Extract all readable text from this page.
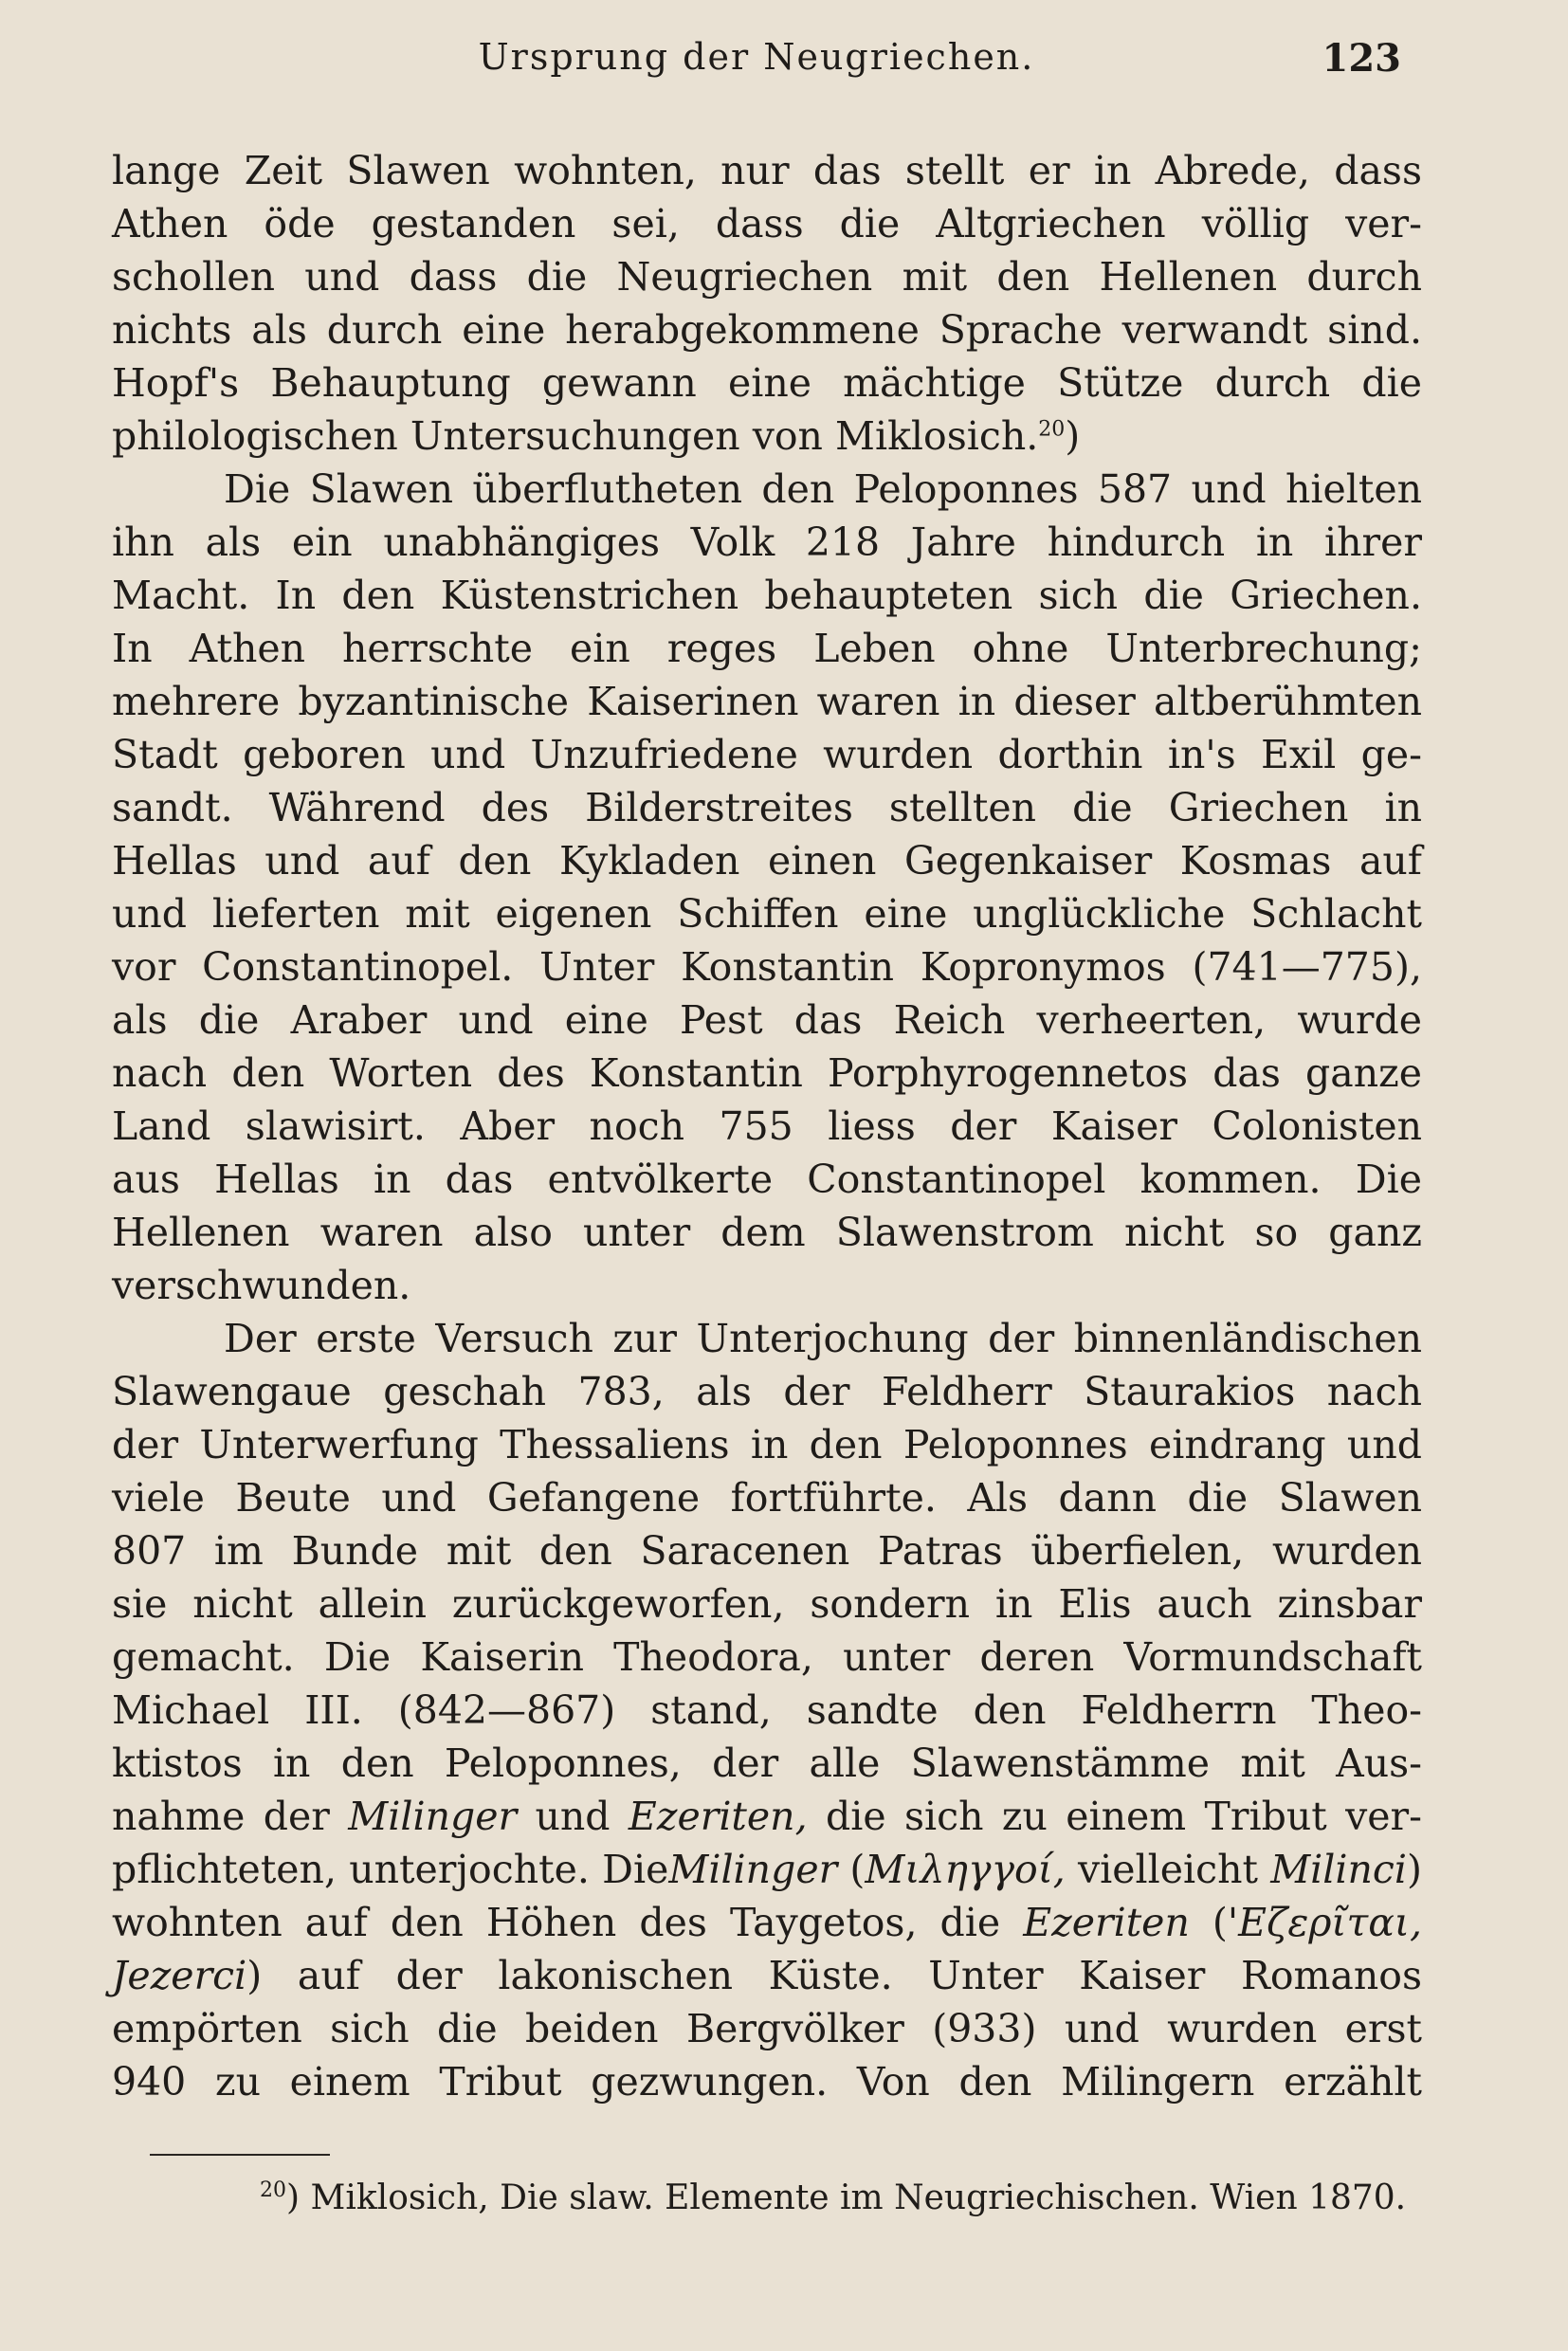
Ursprung der Neugriechen.	123
lange Zeit Slawen wohnten, nur das stellt er in Abrede, dass
Athen öde gestanden sei, dass die Altgriechen völlig ver-
schollen und dass die Neugriechen mit den Hellenen durch
nichts als durch eine herabgekommene Sprache verwandt sind.
Hopf's Behauptung gewann eine mächtige Stütze durch die
philologischen Untersuchungen von Miklosich.$^{20}$)
Die Slawen überflutheten den Peloponnes 587 und hielten
ihn als ein unabhängiges Volk 218 Jahre hindurch in ihrer
Macht. In den Küstenstrichen behaupteten sich die Griechen.
In Athen herrschte ein reges Leben ohne Unterbrechung;
mehrere byzantinische Kaiserinen waren in dieser altberühmten
Stadt geboren und Unzufriedene wurden dorthin in's Exil ge-
sandt. Während des Bilderstreites stellten die Griechen in
Hellas und auf den Kykladen einen Gegenkaiser Kosmas auf
und lieferten mit eigenen Schiffen eine unglückliche Schlacht
vor Constantinopel. Unter Konstantin Kopronymos (741—775),
als die Araber und eine Pest das Reich verheerten, wurde
nach den Worten des Konstantin Porphyrogennetos das ganze
Land slawisirt. Aber noch 755 liess der Kaiser Colonisten
aus Hellas in das entvölkerte Constantinopel kommen. Die
Hellenen waren also unter dem Slawenstrom nicht so ganz
verschwunden.
Der erste Versuch zur Unterjochung der binnenländischen
Slawengaue geschah 783, als der Feldherr Staurakios nach
der Unterwerfung Thessaliens in den Peloponnes eindrang und
viele Beute und Gefangene fortführte. Als dann die Slawen
807 im Bunde mit den Saracenen Patras überfielen, wurden
sie nicht allein zurückgeworfen, sondern in Elis auch zinsbar
gemacht. Die Kaiserin Theodora, unter deren Vormundschaft
Michael III. (842—867) stand, sandte den Feldherrn Theo-
ktistos in den Peloponnes, der alle Slawenstämme mit Aus-
nahme der Milinger und Ezeriten, die sich zu einem Tribut ver-
pflichteten, unterjochte. DieMilinger (Μιληγγοί, vielleicht Milinci)
wohnten auf den Höhen des Taygetos, die Ezeriten ('Εζερῖται,
Jezerci) auf der lakonischen Küste. Unter Kaiser Romanos
empörten sich die beiden Bergvölker (933) und wurden erst
940 zu einem Tribut gezwungen. Von den Milingern erzählt
$^{20}$) Miklosich, Die slaw. Elemente im Neugriechischen. Wien 1870.
